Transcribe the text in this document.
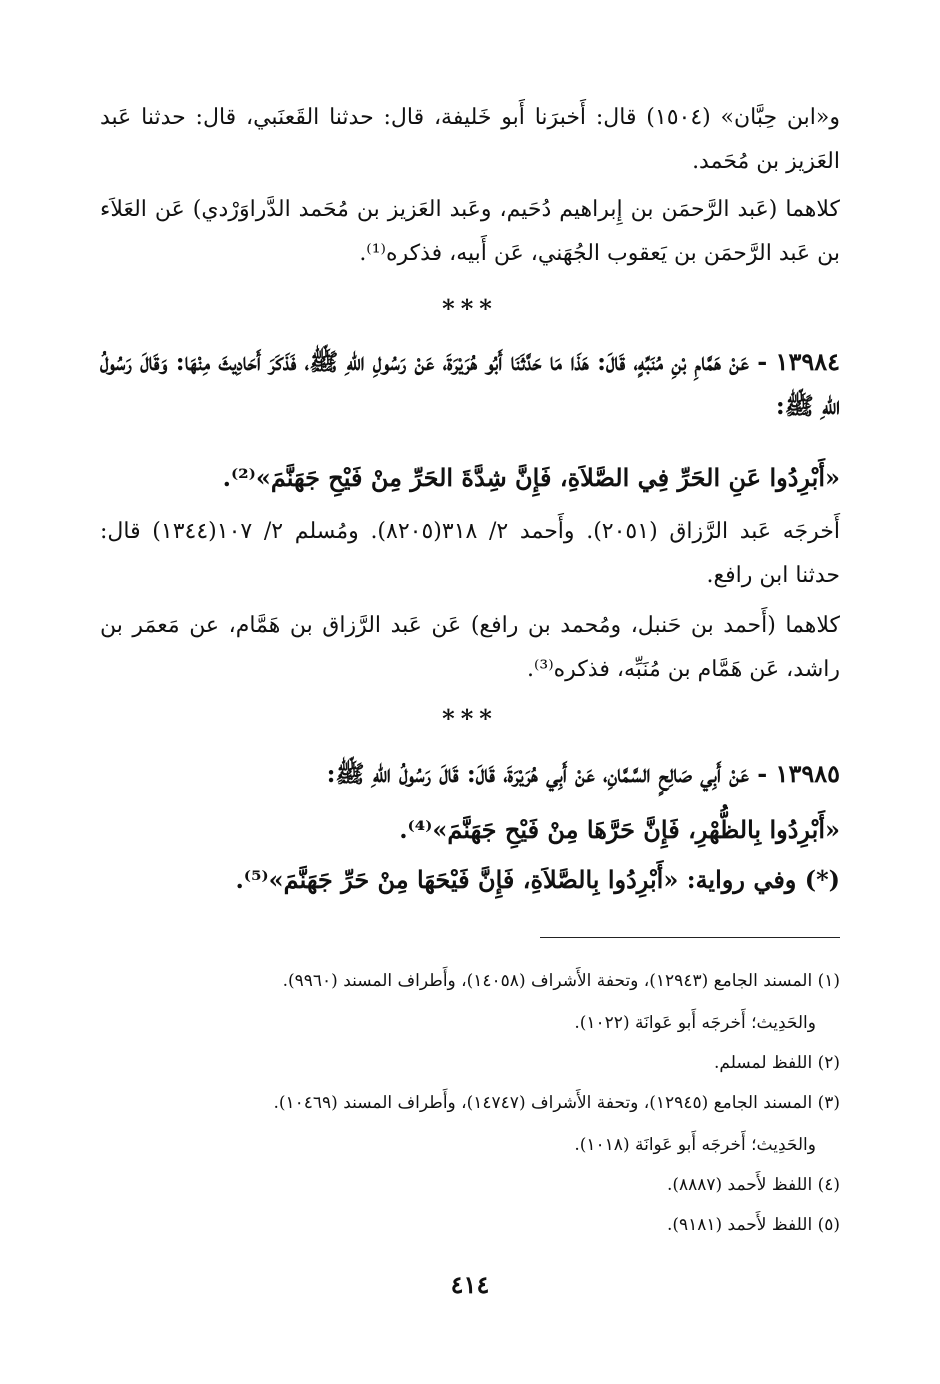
و«ابن حِبَّان» (١٥٠٤) قال: أَخبرَنا أَبو خَليفة، قال: حدثنا القَعنَبي، قال: حدثنا عَبد العَزيز بن مُحَمد.

كلاهما (عَبد الرَّحمَن بن إِبراهيم دُحَيم، وعَبد العَزيز بن مُحَمد الدَّراوَرْدي) عَن العَلاَء بن عَبد الرَّحمَن بن يَعقوب الجُهَني، عَن أَبيه، فذكره⁽¹⁾.

***

١٣٩٨٤ - عَنْ هَمَّامِ بْنِ مُنَبِّهٍ، قَالَ: هَذَا مَا حَدَّثَنَا أَبُو هُرَيْرَةَ، عَنْ رَسُولِ اللهِ ﷺ، فَذَكَرَ أَحَادِيثَ مِنْهَا: وَقَالَ رَسُولُ اللهِ ﷺ:

«أَبْرِدُوا عَنِ الحَرِّ فِي الصَّلاَةِ، فَإِنَّ شِدَّةَ الحَرِّ مِنْ فَيْحِ جَهَنَّمَ»⁽²⁾.

أَخرجَه عَبد الرَّزاق (٢٠٥١). وأَحمد ٢/ ٣١٨(٨٢٠٥). ومُسلم ٢/ ١٠٧(١٣٤٤) قال: حدثنا ابن رافع.

كلاهما (أَحمد بن حَنبل، ومُحمد بن رافع) عَن عَبد الرَّزاق بن هَمَّام، عن مَعمَر بن راشد، عَن هَمَّام بن مُنَبِّه، فذكره⁽³⁾.

***

١٣٩٨٥ - عَنْ أَبِي صَالِحٍ السَّمَّانِ، عَنْ أَبِي هُرَيْرَةَ، قَالَ: قَالَ رَسُولُ اللهِ ﷺ:

«أَبْرِدُوا بِالظُّهْرِ، فَإِنَّ حَرَّهَا مِنْ فَيْحِ جَهَنَّمَ»⁽⁴⁾.

(*) وفي رواية: «أَبْرِدُوا بِالصَّلاَةِ، فَإِنَّ فَيْحَهَا مِنْ حَرِّ جَهَنَّمَ»⁽⁵⁾.

(١) المسند الجامع (١٢٩٤٣)، وتحفة الأَشراف (١٤٠٥٨)، وأَطراف المسند (٩٩٦٠).

والحَدِيث؛ أَخرجَه أَبو عَوانَة (١٠٢٢).

(٢) اللفظ لمسلم.

(٣) المسند الجامع (١٢٩٤٥)، وتحفة الأَشراف (١٤٧٤٧)، وأَطراف المسند (١٠٤٦٩).

والحَدِيث؛ أَخرجَه أَبو عَوانَة (١٠١٨).

(٤) اللفظ لأَحمد (٨٨٨٧).

(٥) اللفظ لأَحمد (٩١٨١).

٤١٤
